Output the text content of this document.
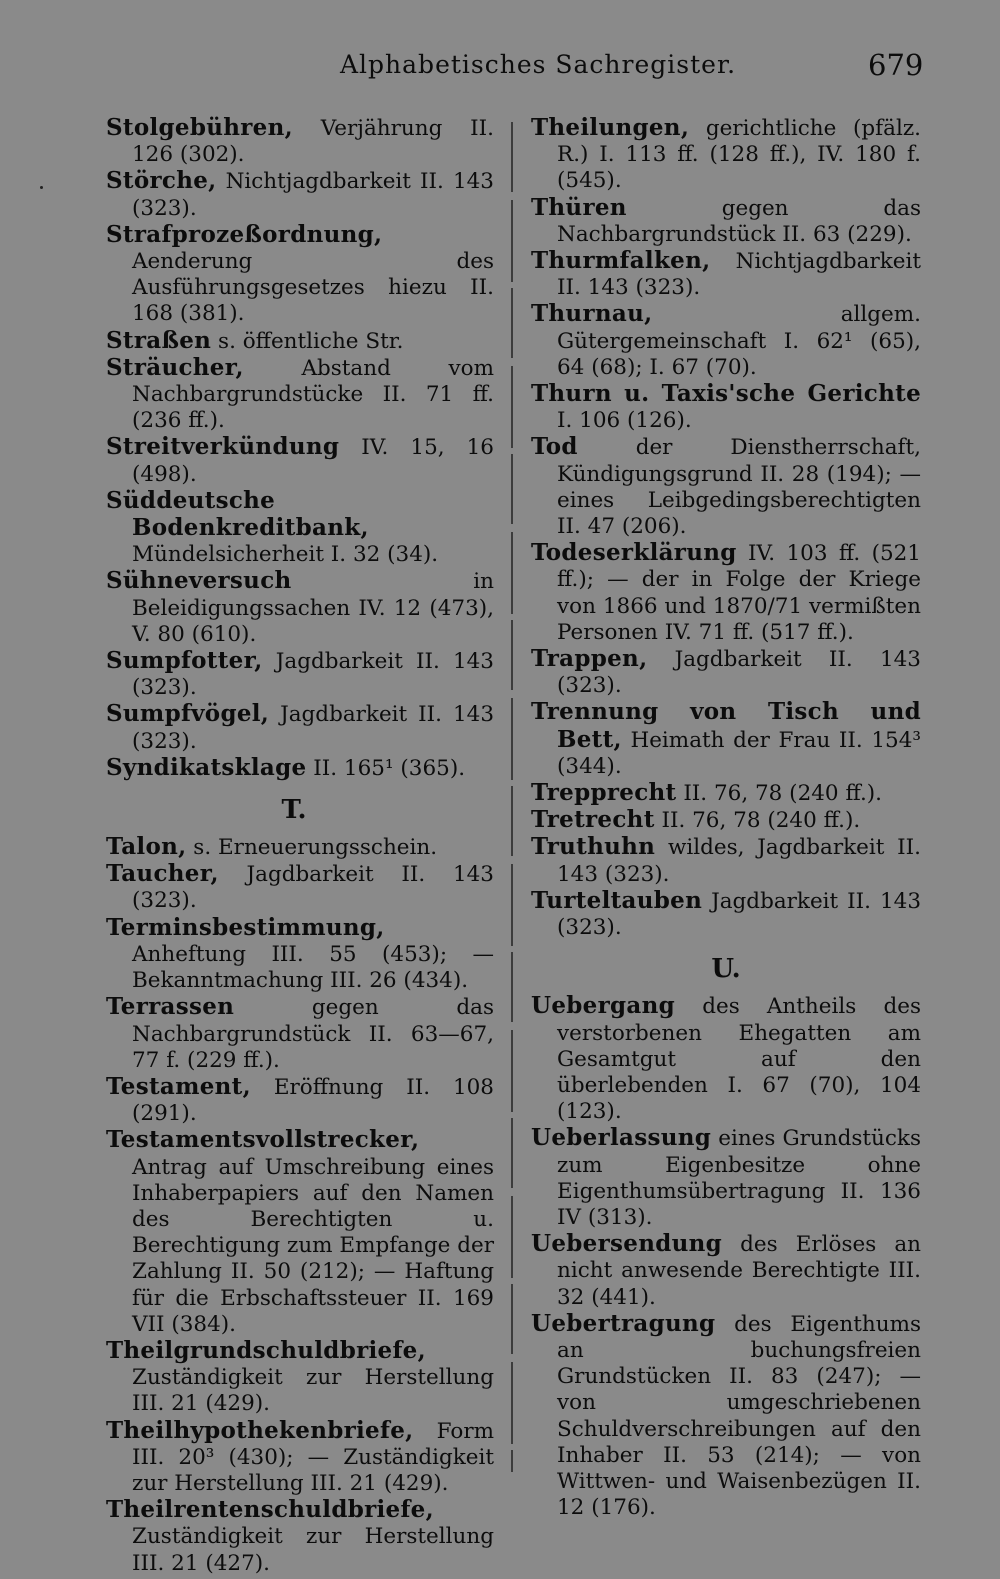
Alphabetisches Sachregister.	679

Stolgebühren, Verjährung II. 126 (302).

Störche, Nichtjagdbarkeit II. 143 (323).

Strafprozeßordnung, Aenderung des Ausführungsgesetzes hiezu II. 168 (381).

Straßen s. öffentliche Str.

Sträucher,	Abstand vom Nachbargrundstücke II. 71 ff. (236 ff.).

Streitverkündung IV. 15, 16 (498).

Süddeutsche Bodenkreditbank, Mündelsicherheit I. 32 (34).

Sühneversuch	in Beleidigungssachen IV. 12 (473), V. 80 (610).

Sumpfotter, Jagdbarkeit II. 143 (323).

Sumpfvögel, Jagdbarkeit II. 143 (323).

Syndikatsklage II. 165¹ (365).

T.

Talon, s. Erneuerungsschein.

Taucher, Jagdbarkeit II. 143 (323).

Terminsbestimmung, Anheftung III. 55 (453); — Bekanntmachung III. 26 (434).

Terrassen	gegen das Nachbargrundstück II. 63—67, 77 f. (229 ff.).

Testament, Eröffnung II. 108 (291).

Testamentsvollstrecker, Antrag auf Umschreibung eines Inhaberpapiers auf den Namen des Berechtigten u. Berechtigung zum Empfange der Zahlung II. 50 (212); — Haftung für die Erbschaftssteuer II. 169 VII (384).

Theilgrundschuldbriefe, Zuständigkeit zur Herstellung III. 21 (429).

Theilhypothekenbriefe, Form III. 20³ (430); — Zuständigkeit zur Herstellung III. 21 (429).

Theilrentenschuldbriefe, Zuständigkeit zur Herstellung III. 21 (427).

Theilungen, gerichtliche (pfälz. R.) I. 113 ff. (128 ff.), IV. 180 f. (545).

Thüren	gegen das Nachbargrundstück II. 63 (229).

Thurmfalken, Nichtjagdbarkeit II. 143 (323).

Thurnau,	allgem. Gütergemeinschaft I. 62¹ (65), 64 (68); I. 67 (70).

Thurn u. Taxis'sche Gerichte I. 106 (126).

Tod	der Dienstherrschaft, Kündigungsgrund II. 28 (194); — eines Leibgedingsberechtigten II. 47 (206).

Todeserklärung IV. 103 ff. (521 ff.); — der in Folge der Kriege von 1866 und 1870/71 vermißten Personen IV. 71 ff. (517 ff.).

Trappen, Jagdbarkeit II. 143 (323).

Trennung von Tisch und Bett, Heimath der Frau II. 154³ (344).

Trepprecht II. 76, 78 (240 ff.).

Tretrecht II. 76, 78 (240 ff.).

Truthuhn wildes, Jagdbarkeit II. 143 (323).

Turteltauben Jagdbarkeit II. 143 (323).

U.

Uebergang des Antheils des verstorbenen Ehegatten am Gesamtgut auf den überlebenden I. 67 (70), 104 (123).

Ueberlassung eines Grundstücks zum Eigenbesitze ohne Eigenthumsübertragung II. 136 IV (313).

Uebersendung des Erlöses an nicht anwesende Berechtigte III. 32 (441).

Uebertragung des Eigenthums an buchungsfreien Grundstücken II. 83 (247); — von umgeschriebenen Schuldverschreibungen auf den Inhaber II. 53 (214); — von Wittwen- und Waisenbezügen II. 12 (176).
